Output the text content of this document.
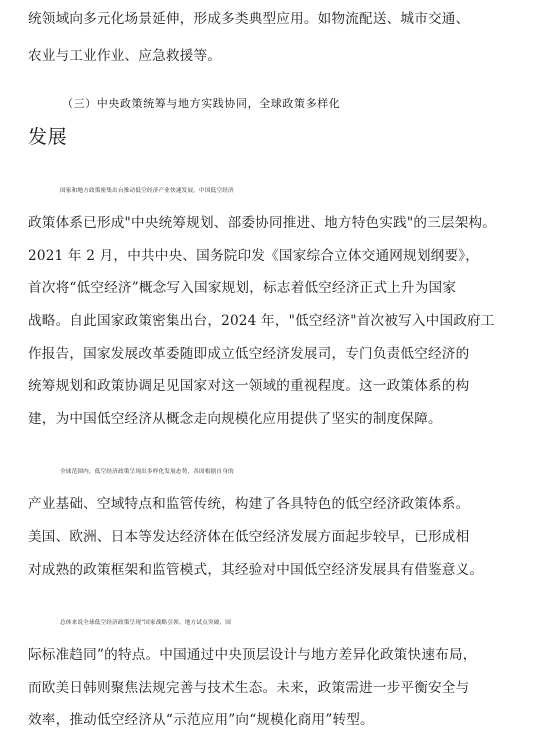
统领域向多元化场景延伸，形成多类典型应用。如物流配送、城市交通、
农业与工业作业、应急救援等。
（三）中央政策统筹与地方实践协同，全球政策多样化
发展
国家和地方政策密集出台推动低空经济产业快速发展。中国低空经济
政策体系已形成"中央统筹规划、部委协同推进、地方特色实践"的三层架构。
2021 年 2 月，中共中央、国务院印发《国家综合立体交通网规划纲要》，
首次将“低空经济”概念写入国家规划，标志着低空经济正式上升为国家
战略。自此国家政策密集出台，2024 年，"低空经济"首次被写入中国政府工
作报告，国家发展改革委随即成立低空经济发展司，专门负责低空经济的
统筹规划和政策协调足见国家对这一领域的重视程度。这一政策体系的构
建，为中国低空经济从概念走向规模化应用提供了坚实的制度保障。
全球范围内，低空经济政策呈现出多样化发展态势，各国根据自身的
产业基础、空域特点和监管传统，构建了各具特色的低空经济政策体系。
美国、欧洲、日本等发达经济体在低空经济发展方面起步较早，已形成相
对成熟的政策框架和监管模式，其经验对中国低空经济发展具有借鉴意义。
总体来说全球低空经济政策呈现“国家战略引领、地方试点突破、国
际标准趋同”的特点。中国通过中央顶层设计与地方差异化政策快速布局，
而欧美日韩则聚焦法规完善与技术生态。未来，政策需进一步平衡安全与
效率，推动低空经济从“示范应用”向“规模化商用”转型。
